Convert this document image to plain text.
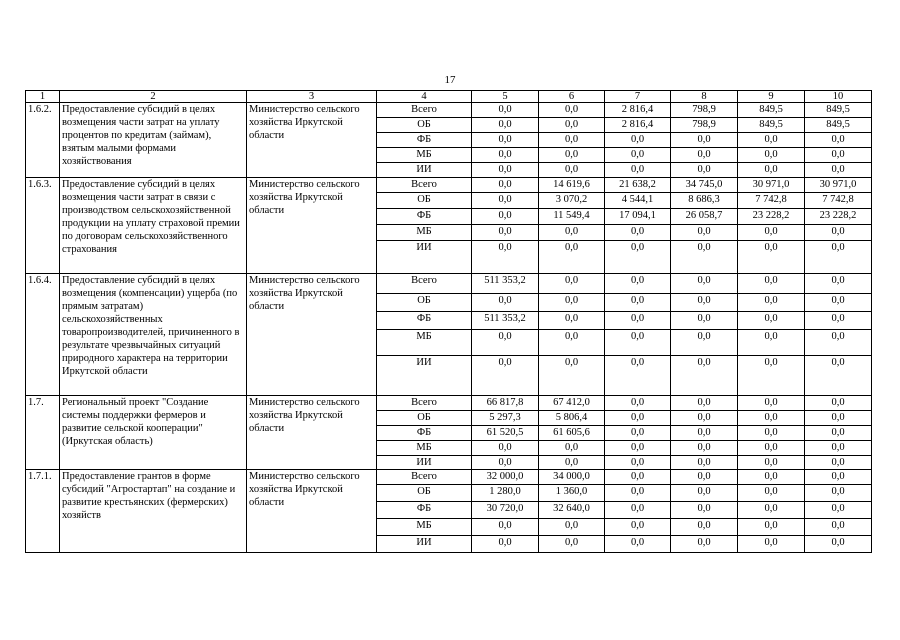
17
1	2	3	4	5	6	7	8	9	10
1.6.2.	Предоставление субсидий в целях возмещения части затрат на уплату процентов по кредитам (займам), взятым малыми формами хозяйствования	Министерство сельского хозяйства Иркутской области	Всего	0,0	0,0	2 816,4	798,9	849,5	849,5
			ОБ	0,0	0,0	2 816,4	798,9	849,5	849,5
			ФБ	0,0	0,0	0,0	0,0	0,0	0,0
			МБ	0,0	0,0	0,0	0,0	0,0	0,0
			ИИ	0,0	0,0	0,0	0,0	0,0	0,0
1.6.3.	Предоставление субсидий в целях возмещения части затрат в связи с производством сельскохозяйственной продукции на уплату страховой премии по договорам сельскохозяйственного страхования	Министерство сельского хозяйства Иркутской области	Всего	0,0	14 619,6	21 638,2	34 745,0	30 971,0	30 971,0
			ОБ	0,0	3 070,2	4 544,1	8 686,3	7 742,8	7 742,8
			ФБ	0,0	11 549,4	17 094,1	26 058,7	23 228,2	23 228,2
			МБ	0,0	0,0	0,0	0,0	0,0	0,0
			ИИ	0,0	0,0	0,0	0,0	0,0	0,0
1.6.4.	Предоставление субсидий в целях возмещения (компенсации) ущерба (по прямым затратам) сельскохозяйственных товаропроизводителей, причиненного в результате чрезвычайных ситуаций природного характера на территории Иркутской области	Министерство сельского хозяйства Иркутской области	Всего	511 353,2	0,0	0,0	0,0	0,0	0,0
			ОБ	0,0	0,0	0,0	0,0	0,0	0,0
			ФБ	511 353,2	0,0	0,0	0,0	0,0	0,0
			МБ	0,0	0,0	0,0	0,0	0,0	0,0
			ИИ	0,0	0,0	0,0	0,0	0,0	0,0
1.7.	Региональный проект "Создание системы поддержки фермеров и развитие сельской кооперации" (Иркутская область)	Министерство сельского хозяйства Иркутской области	Всего	66 817,8	67 412,0	0,0	0,0	0,0	0,0
			ОБ	5 297,3	5 806,4	0,0	0,0	0,0	0,0
			ФБ	61 520,5	61 605,6	0,0	0,0	0,0	0,0
			МБ	0,0	0,0	0,0	0,0	0,0	0,0
			ИИ	0,0	0,0	0,0	0,0	0,0	0,0
1.7.1.	Предоставление грантов в форме субсидий "Агростартап" на создание и развитие крестьянских (фермерских) хозяйств	Министерство сельского хозяйства Иркутской области	Всего	32 000,0	34 000,0	0,0	0,0	0,0	0,0
			ОБ	1 280,0	1 360,0	0,0	0,0	0,0	0,0
			ФБ	30 720,0	32 640,0	0,0	0,0	0,0	0,0
			МБ	0,0	0,0	0,0	0,0	0,0	0,0
			ИИ	0,0	0,0	0,0	0,0	0,0	0,0
